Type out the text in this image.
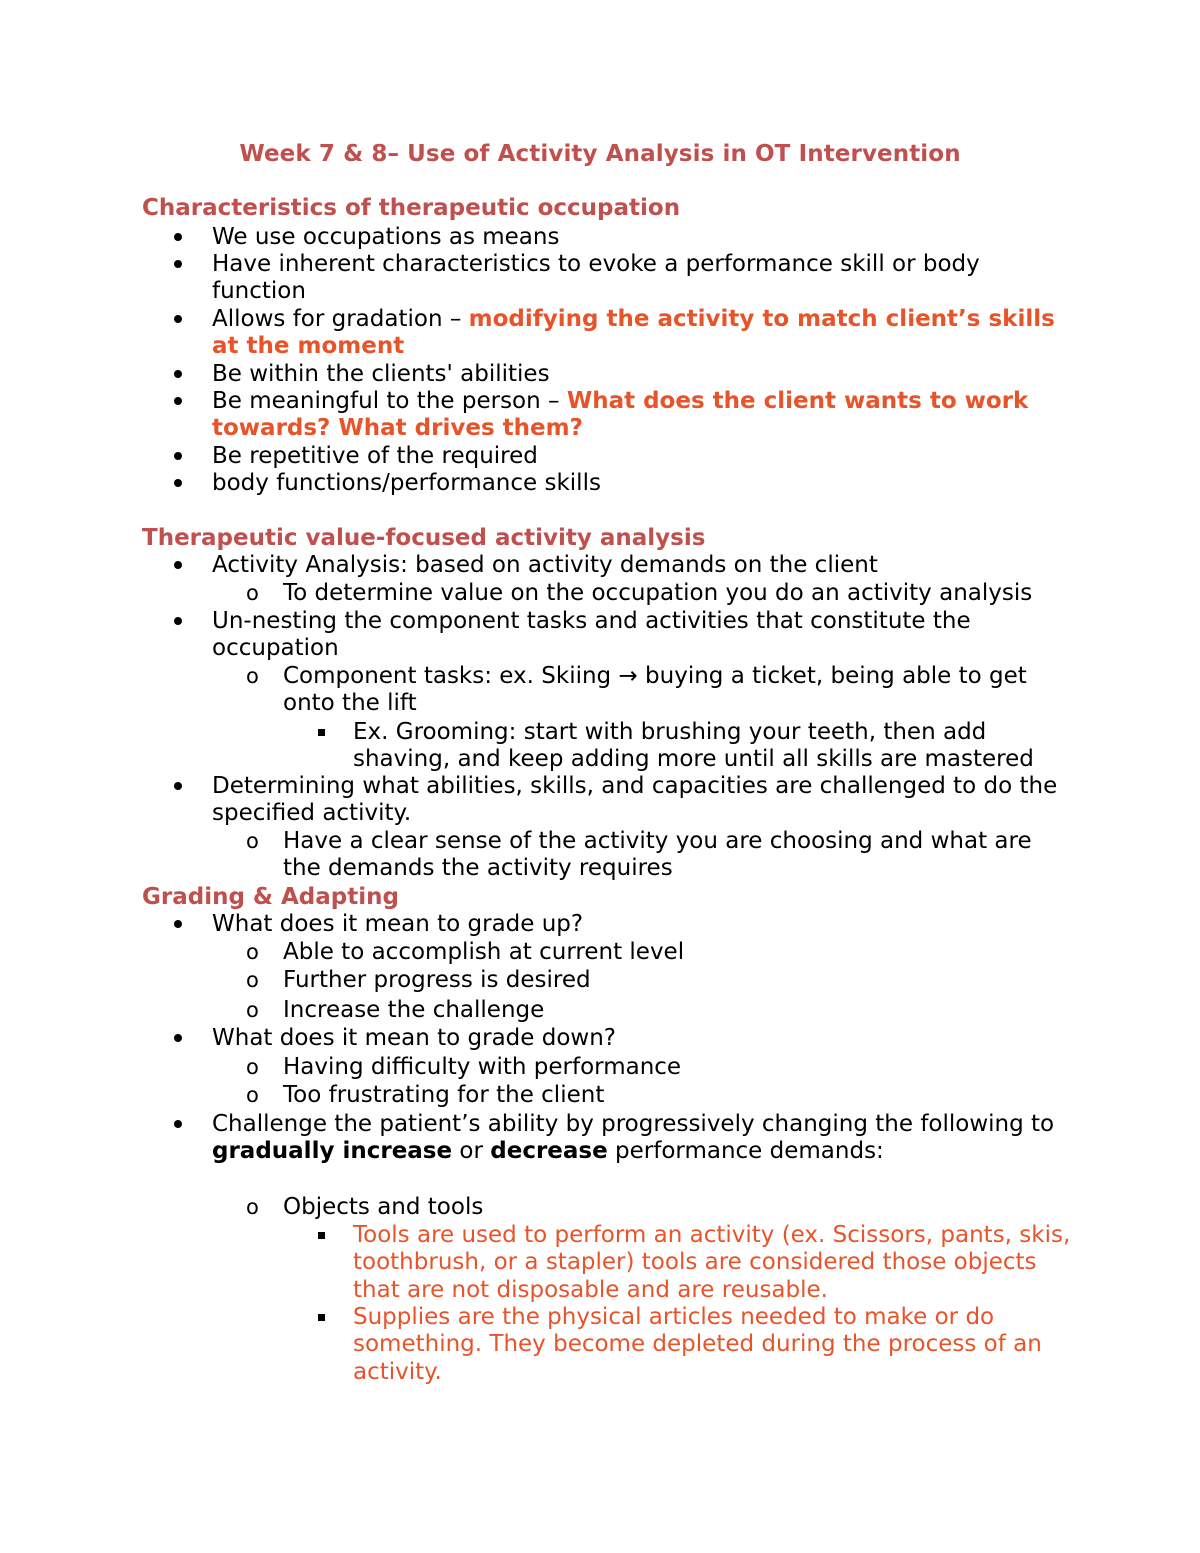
Week 7 & 8– Use of Activity Analysis in OT Intervention
Characteristics of therapeutic occupation

We use occupations as means

Have inherent characteristics to evoke a performance skill or body function

Allows for gradation – modifying the activity to match client’s skills at the moment

Be within the clients' abilities

Be meaningful to the person – What does the client wants to work towards? What drives them?

Be repetitive of the required

body functions/performance skills

Therapeutic value-focused activity analysis

Activity Analysis: based on activity demands on the client

o To determine value on the occupation you do an activity analysis

Un-nesting the component tasks and activities that constitute the occupation

o Component tasks: ex. Skiing → buying a ticket, being able to get onto the lift

Ex. Grooming: start with brushing your teeth, then add shaving, and keep adding more until all skills are mastered

Determining what abilities, skills, and capacities are challenged to do the specified activity.

o Have a clear sense of the activity you are choosing and what are the demands the activity requires

Grading & Adapting

What does it mean to grade up?

o Able to accomplish at current level

o Further progress is desired

o Increase the challenge

What does it mean to grade down?

o Having difficulty with performance

o Too frustrating for the client

Challenge the patient’s ability by progressively changing the following to gradually increase or decrease performance demands:

o Objects and tools

Tools are used to perform an activity (ex. Scissors, pants, skis, toothbrush, or a stapler) tools are considered those objects that are not disposable and are reusable.

Supplies are the physical articles needed to make or do something. They become depleted during the process of an activity.
